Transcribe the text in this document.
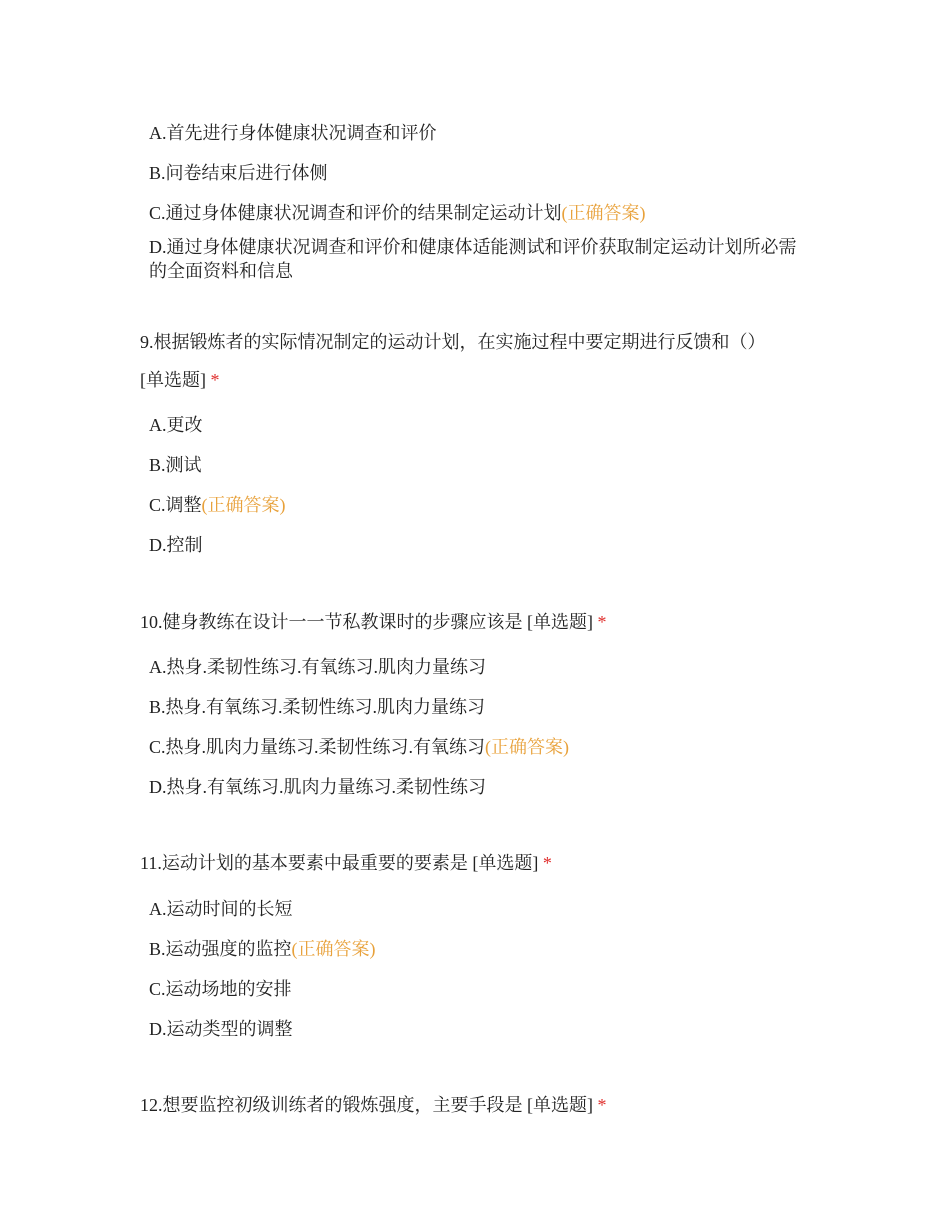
A.首先进行身体健康状况调查和评价
B.问卷结束后进行体侧
C.通过身体健康状况调查和评价的结果制定运动计划(正确答案)
D.通过身体健康状况调查和评价和健康体适能测试和评价获取制定运动计划所必需的全面资料和信息
9.根据锻炼者的实际情况制定的运动计划，在实施过程中要定期进行反馈和（）
[单选题] *
A.更改
B.测试
C.调整(正确答案)
D.控制
10.健身教练在设计一一节私教课时的步骤应该是 [单选题] *
A.热身.柔韧性练习.有氧练习.肌肉力量练习
B.热身.有氧练习.柔韧性练习.肌肉力量练习
C.热身.肌肉力量练习.柔韧性练习.有氧练习(正确答案)
D.热身.有氧练习.肌肉力量练习.柔韧性练习
11.运动计划的基本要素中最重要的要素是 [单选题] *
A.运动时间的长短
B.运动强度的监控(正确答案)
C.运动场地的安排
D.运动类型的调整
12.想要监控初级训练者的锻炼强度，主要手段是 [单选题] *
